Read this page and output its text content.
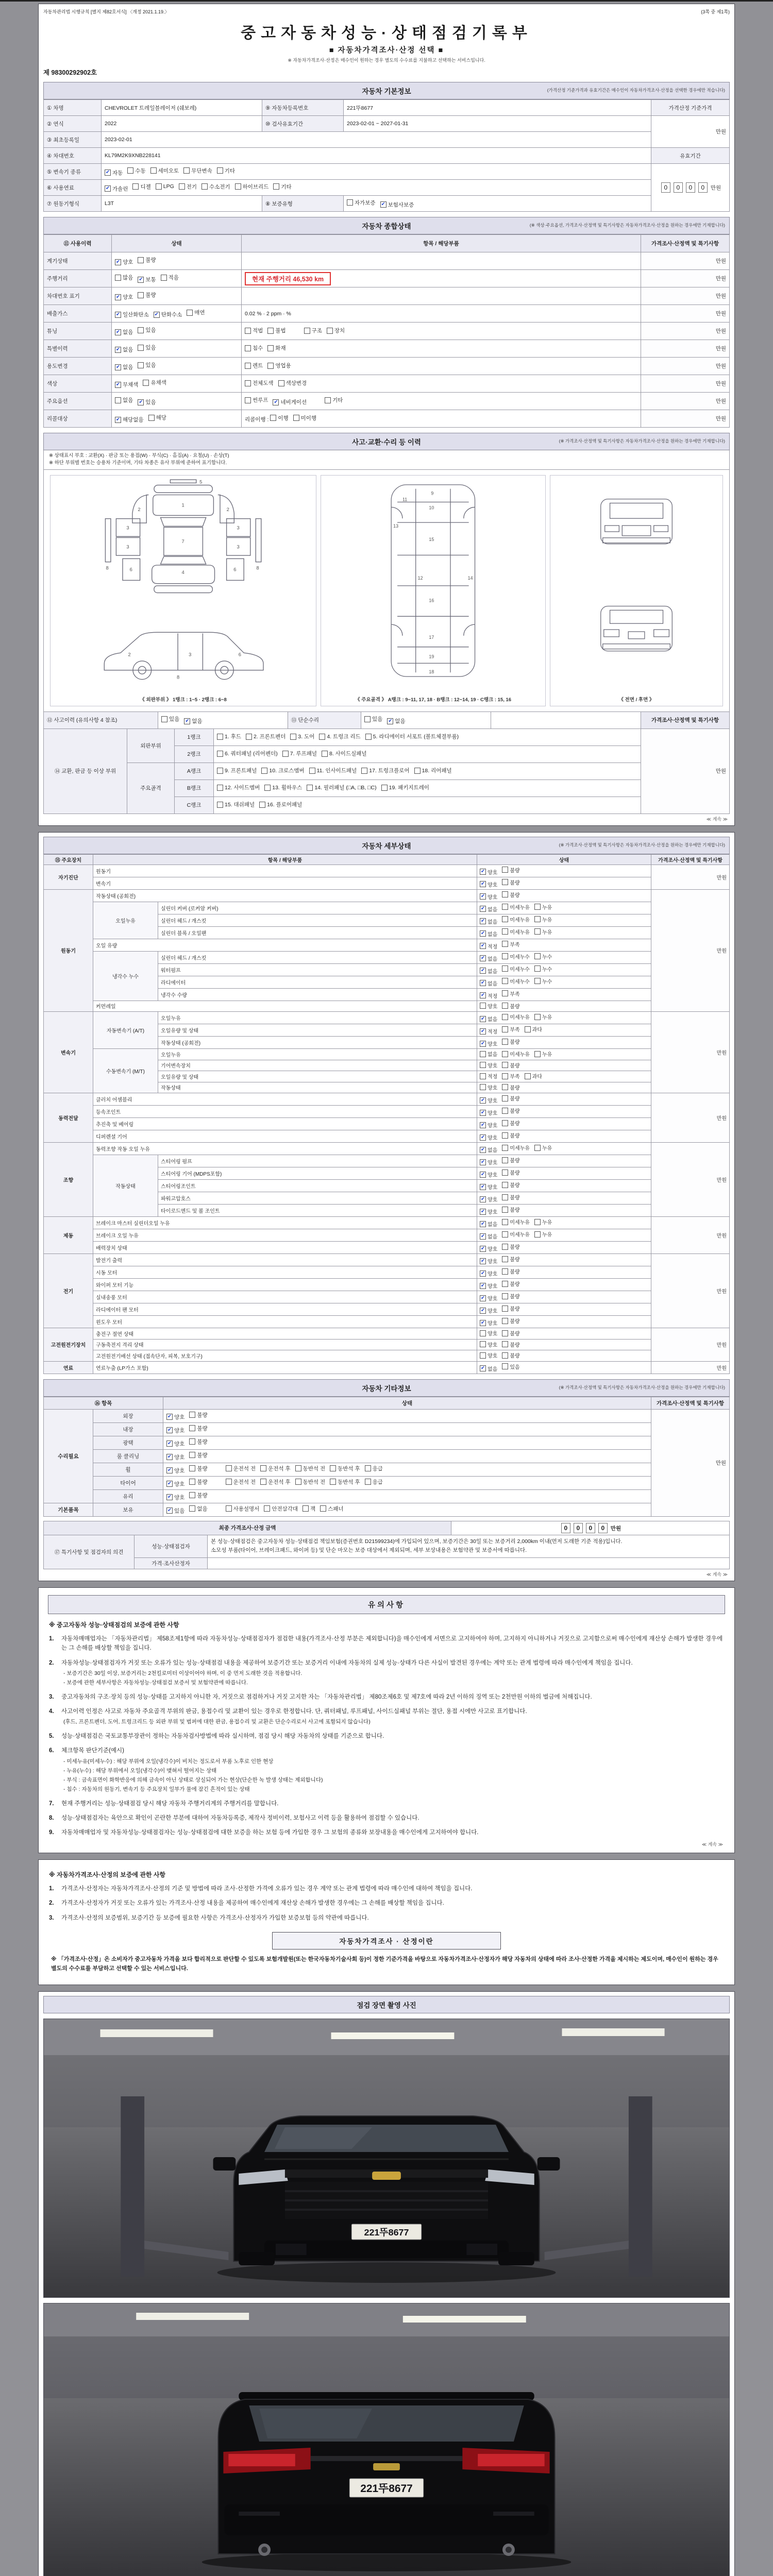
자동차관리법 시행규칙 [별지 제82호서식] 〈개정 2021.1.19.〉	(3쪽 중 제1쪽)
중고자동차성능·상태점검기록부
■ 자동차가격조사·산정 선택 ■
※ 자동차가격조사·산정은 매수인이 원하는 경우 별도의 수수료를 지불하고 선택하는 서비스입니다.
제 98300292902호
자동차 기본정보	(가격산정 기준가격과 유효기간은 매수인이 자동차가격조사·산정을 선택한 경우에만 적습니다)
① 차명	CHEVROLET 트레일블레이저 (쉐보레)	⑨ 자동차등록번호	221뚜8677	가격산정 기준가격
② 연식	2022	⑩ 검사유효기간	2023-02-01 ~ 2027-01-31	만원
③ 최초등록일	2023-02-01			
④ 차대번호	KL79M2K9XNB228141			유효기간
⑤ 변속기 종류	✔ 자동 수동 세미오토 무단변속 기타
	0 0 0 0 만원
⑥ 사용연료	✔ 가솔린 디젤 LPG 전기 수소전기 하이브리드 기타

⑦ 원동기형식	L3T	⑧ 보증유형	자가보증 ✔ 보험사보증	
자동차 종합상태	(※ 색상·주요옵션, 가격조사·산정액 및 특기사항은 자동차가격조사·산정을 원하는 경우에만 기재합니다)
⑪ 사용이력	상태	항목 / 해당부품	가격조사·산정액 및 특기사항
계기상태	✔ 양호 불량		만원
주행거리	많음 ✔ 보통 적음	현재 주행거리 46,530 km	만원
차대번호 표기	✔ 양호 불량		만원
배출가스	✔ 일산화탄소 ✔ 탄화수소 매연	0.02 % · 2 ppm · %	만원
튜닝	✔ 없음 있음	적법 불법 구조 장치	만원
특별이력	✔ 없음 있음	침수 화재	만원
용도변경	✔ 없음 있음	렌트 영업용	만원
색상	✔ 무채색 유채색	전체도색 색상변경	만원
주요옵션	없음 ✔ 있음	썬루프 ✔ 네비게이션 기타	만원
리콜대상	✔ 해당없음 해당	리콜이행 : 이행 미이행	만원
사고·교환·수리 등 이력	(※ 가격조사·산정액 및 특기사항은 자동차가격조사·산정을 원하는 경우에만 기재합니다)
※ 상태표시 부호 : 교환(X) · 판금 또는 용접(W) · 부식(C) · 흠집(A) · 요철(U) · 손상(T)
※ 하단 부위별 번호는 승용차 기준이며, 기타 차종은 유사 부위에 준하여 표기합니다.
5
1
7
4
2	2
3
3
3
3
6	6
8	8
2	3	6
8
《 외판부위 》 1랭크 : 1~5 · 2랭크 : 6~8
9
10
11
12
13
14
15
16
17
19
18
《 주요골격 》 A랭크 : 9~11, 17, 18 · B랭크 : 12~14, 19 · C랭크 : 15, 16	《 전면 / 후면 》
⑫ 사고이력 (유의사항 4 참조)	있음 ✔ 없음	⑬ 단순수리	있음 ✔ 없음		가격조사·산정액 및 특기사항
⑭ 교환, 판금 등 이상 부위	외판부위	1랭크	1. 후드 2. 프론트펜더 3. 도어 4. 트렁크 리드 5. 라디에이터 서포트 (볼트체결부품)	만원
		2랭크	6. 쿼터패널 (리어펜더) 7. 루프패널 8. 사이드실패널	

	주요골격	A랭크	9. 프론트패널 10. 크로스멤버 11. 인사이드패널 17. 트렁크플로어 18. 리어패널	

		B랭크	12. 사이드멤버 13. 휠하우스 14. 필러패널 (□A, □B, □C) 19. 패키지트레이	

		C랭크	15. 대쉬패널 16. 플로어패널	
≪ 계속 ≫
자동차 세부상태	(※ 가격조사·산정액 및 특기사항은 자동차가격조사·산정을 원하는 경우에만 기재합니다)
⑮ 주요장치	항목 / 해당부품		상태	가격조사·산정액 및 특기사항
자기진단	원동기		✔ 양호 불량	만원
	변속기		✔ 양호 불량	

원동기	작동상태 (공회전)		✔ 양호 불량	만원
	오일누유	실린더 커버 (로커암 커버)	✔ 없음 미세누유 누유	

		실린더 헤드 / 개스킷	✔ 없음 미세누유 누유	

		실린더 블록 / 오일팬	✔ 없음 미세누유 누유	

	오일 유량		✔ 적정 부족	

	냉각수 누수	실린더 헤드 / 개스킷	✔ 없음 미세누수 누수	

		워터펌프	✔ 없음 미세누수 누수	

		라디에이터	✔ 없음 미세누수 누수	

		냉각수 수량	✔ 적정 부족	

	커먼레일		양호 불량	

변속기	자동변속기 (A/T)	오일누유	✔ 없음 미세누유 누유	만원
		오일유량 및 상태	✔ 적정 부족 과다	

		작동상태 (공회전)	✔ 양호 불량	

	수동변속기 (M/T)	오일누유	없음 미세누유 누유	

		기어변속장치	양호 불량	

		오일유량 및 상태	적정 부족 과다	

		작동상태	양호 불량	

동력전달	클러치 어셈블리		✔ 양호 불량	만원
	등속조인트		✔ 양호 불량	

	추진축 및 베어링		✔ 양호 불량	

	디퍼렌셜 기어		✔ 양호 불량	

조향	동력조향 작동 오일 누유		✔ 없음 미세누유 누유	만원
	작동상태	스티어링 펌프	✔ 양호 불량	

		스티어링 기어 (MDPS포함)	✔ 양호 불량	

		스티어링조인트	✔ 양호 불량	

		파워고압호스	✔ 양호 불량	

		타이로드엔드 및 볼 조인트	✔ 양호 불량	

제동	브레이크 마스터 실린더오일 누유		✔ 없음 미세누유 누유	만원
	브레이크 오일 누유		✔ 없음 미세누유 누유	

	배력장치 상태		✔ 양호 불량	

전기	발전기 출력		✔ 양호 불량	만원
	시동 모터		✔ 양호 불량	

	와이퍼 모터 기능		✔ 양호 불량	

	실내송풍 모터		✔ 양호 불량	

	라디에이터 팬 모터		✔ 양호 불량	

	윈도우 모터		✔ 양호 불량	

고전원전기장치	충전구 절연 상태		양호 불량	만원
	구동축전지 격리 상태		양호 불량	

	고전원전기배선 상태 (접속단자, 피복, 보호기구)		양호 불량	

연료	연료누출 (LP가스 포함)		✔ 없음 있음	만원
자동차 기타정보	(※ 가격조사·산정액 및 특기사항은 자동차가격조사·산정을 원하는 경우에만 기재합니다)
⑯ 항목		상태	가격조사·산정액 및 특기사항
수리필요	외장	✔ 양호 불량	만원
	내장	✔ 양호 불량	

	광택	✔ 양호 불량	

	룸 클리닝	✔ 양호 불량	

휠	✔ 양호 불량	운전석 전 운전석 후 동반석 전 동반석 후 응급

타이어	✔ 양호 불량	운전석 전 운전석 후 동반석 전 동반석 후 응급

	유리	✔ 양호 불량	

기본품목	보유	✔ 있음 없음	사용설명서 안전삼각대 잭 스패너
최종 가격조사·산정 금액	0 0 0 0 만원
⑰ 특기사항 및 점검자의 의견	성능·상태점검자	본 성능·상태점검은 중고자동차 성능·상태점검 책임보험(증권번호 D21599234)에 가입되어 있으며, 보증기간은 30일 또는 보증거리 2,000km 이내(먼저 도래한 기준 적용)입니다.
소모성 부품(타이어, 브레이크패드, 와이퍼 등) 및 단순 마모는 보증 대상에서 제외되며, 세부 보상내용은 보험약관 및 보증서에 따릅니다.

	가격·조사산정자	
≪ 계속 ≫
유의사항
※ 중고자동차 성능·상태점검의 보증에 관한 사항
1.	자동차매매업자는 「자동차관리법」 제58조제1항에 따라 자동차성능·상태점검자가 점검한 내용(가격조사·산정 부분은 제외합니다)을 매수인에게 서면으로 고지하여야 하며, 고지하지 아니하거나 거짓으로 고지함으로써 매수인에게 재산상 손해가 발생한 경우에는 그 손해를 배상할 책임을 집니다.
2.	자동차성능·상태점검자가 거짓 또는 오류가 있는 성능·상태점검 내용을 제공하여 보증기간 또는 보증거리 이내에 자동차의 실제 성능·상태가 다른 사실이 발견된 경우에는 계약 또는 관계 법령에 따라 매수인에게 책임을 집니다.
- 보증기간은 30일 이상, 보증거리는 2천킬로미터 이상이어야 하며, 이 중 먼저 도래한 것을 적용합니다.
- 보증에 관한 세부사항은 자동차성능·상태점검 보증서 및 보험약관에 따릅니다.
3.	중고자동차의 구조·장치 등의 성능·상태를 고지하지 아니한 자, 거짓으로 점검하거나 거짓 고지한 자는 「자동차관리법」 제80조제6호 및 제7호에 따라 2년 이하의 징역 또는 2천만원 이하의 벌금에 처해집니다.
4.	사고이력 인정은 사고로 자동차 주요골격 부위의 판금, 용접수리 및 교환이 있는 경우로 한정합니다. 단, 쿼터패널, 루프패널, 사이드실패널 부위는 절단, 용접 시에만 사고로 표기합니다.
(후드, 프론트펜더, 도어, 트렁크리드 등 외판 부위 및 범퍼에 대한 판금, 용접수리 및 교환은 단순수리로서 사고에 포함되지 않습니다)
5.	성능·상태점검은 국토교통부장관이 정하는 자동차검사방법에 따라 실시하며, 점검 당시 해당 자동차의 상태를 기준으로 합니다.
6.	체크항목 판단기준(예시)
- 미세누유(미세누수) : 해당 부위에 오일(냉각수)이 비치는 정도로서 부품 노후로 인한 현상
- 누유(누수) : 해당 부위에서 오일(냉각수)이 맺혀서 떨어지는 상태
- 부식 : 금속표면이 화학반응에 의해 금속이 아닌 상태로 상실되어 가는 현상(단순한 녹 발생 상태는 제외합니다)
- 침수 : 자동차의 원동기, 변속기 등 주요장치 일부가 물에 잠긴 흔적이 있는 상태
7.	현재 주행거리는 성능·상태점검 당시 해당 자동차 주행거리계의 주행거리를 말합니다.
8.	성능·상태점검자는 육안으로 확인이 곤란한 부분에 대하여 자동차등록증, 제작사 정비이력, 보험사고 이력 등을 활용하여 점검할 수 있습니다.
9.	자동차매매업자 및 자동차성능·상태점검자는 성능·상태점검에 대한 보증을 하는 보험 등에 가입한 경우 그 보험의 종류와 보장내용을 매수인에게 고지하여야 합니다.
≪ 계속 ≫
※ 자동차가격조사·산정의 보증에 관한 사항
1.	가격조사·산정자는 자동차가격조사·산정의 기준 및 방법에 따라 조사·산정한 가격에 오류가 있는 경우 계약 또는 관계 법령에 따라 매수인에 대하여 책임을 집니다.
2.	가격조사·산정자가 거짓 또는 오류가 있는 가격조사·산정 내용을 제공하여 매수인에게 재산상 손해가 발생한 경우에는 그 손해를 배상할 책임을 집니다.
3.	가격조사·산정의 보증범위, 보증기간 등 보증에 필요한 사항은 가격조사·산정자가 가입한 보증보험 등의 약관에 따릅니다.
자동차가격조사 · 산정이란
※ 「가격조사·산정」은 소비자가 중고자동차 가격을 보다 합리적으로 판단할 수 있도록 보험개발원(또는 한국자동차기술사회 등)이 정한 기준가격을 바탕으로 자동차가격조사·산정자가 해당 자동차의 상태에 따라 조사·산정한 가격을 제시하는 제도이며, 매수인이 원하는 경우 별도의 수수료를 부담하고 선택할 수 있는 서비스입니다.
점검 장면 촬영 사진
221뚜8677
221뚜8677
